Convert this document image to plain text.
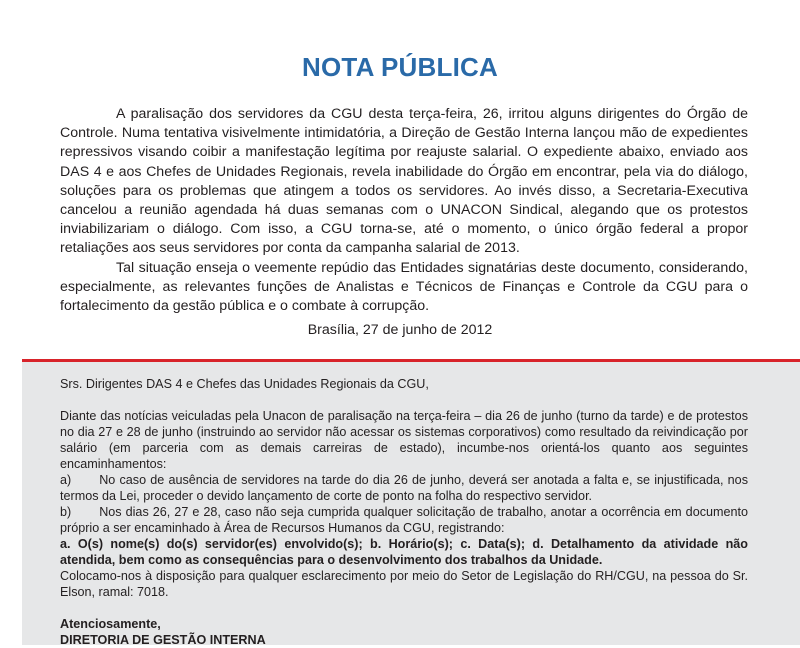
NOTA PÚBLICA

A paralisação dos servidores da CGU desta terça-feira, 26, irritou alguns dirigentes do Órgão de Controle. Numa tentativa visivelmente intimidatória, a Direção de Gestão Interna lançou mão de expedientes repressivos visando coibir a manifestação legítima por reajuste salarial. O expediente abaixo, enviado aos DAS 4 e aos Chefes de Unidades Regionais, revela inabilidade do Órgão em encontrar, pela via do diálogo, soluções para os problemas que atingem a todos os servidores. Ao invés disso, a Secretaria-Executiva cancelou a reunião agendada há duas semanas com o UNACON Sindical, alegando que os protestos inviabilizariam o diálogo. Com isso, a CGU torna-se, até o momento, o único órgão federal a propor retaliações aos seus servidores por conta da campanha salarial de 2013.

Tal situação enseja o veemente repúdio das Entidades signatárias deste documento, considerando, especialmente, as relevantes funções de Analistas e Técnicos de Finanças e Controle da CGU para o fortalecimento da gestão pública e o combate à corrupção.

Brasília, 27 de junho de 2012

Srs. Dirigentes DAS 4 e Chefes das Unidades Regionais da CGU,

Diante das notícias veiculadas pela Unacon de paralisação na terça-feira – dia 26 de junho (turno da tarde) e de protestos no dia 27 e 28 de junho (instruindo ao servidor não acessar os sistemas corporativos) como resultado da reivindicação por salário (em parceria com as demais carreiras de estado), incumbe-nos orientá-los quanto aos seguintes encaminhamentos:

a) No caso de ausência de servidores na tarde do dia 26 de junho, deverá ser anotada a falta e, se injustificada, nos termos da Lei, proceder o devido lançamento de corte de ponto na folha do respectivo servidor.

b) Nos dias 26, 27 e 28, caso não seja cumprida qualquer solicitação de trabalho, anotar a ocorrência em documento próprio a ser encaminhado à Área de Recursos Humanos da CGU, registrando:

a. O(s) nome(s) do(s) servidor(es) envolvido(s); b. Horário(s); c. Data(s); d. Detalhamento da atividade não atendida, bem como as consequências para o desenvolvimento dos trabalhos da Unidade.

Colocamo-nos à disposição para qualquer esclarecimento por meio do Setor de Legislação do RH/CGU, na pessoa do Sr. Elson, ramal: 7018.

Atenciosamente,

DIRETORIA DE GESTÃO INTERNA
